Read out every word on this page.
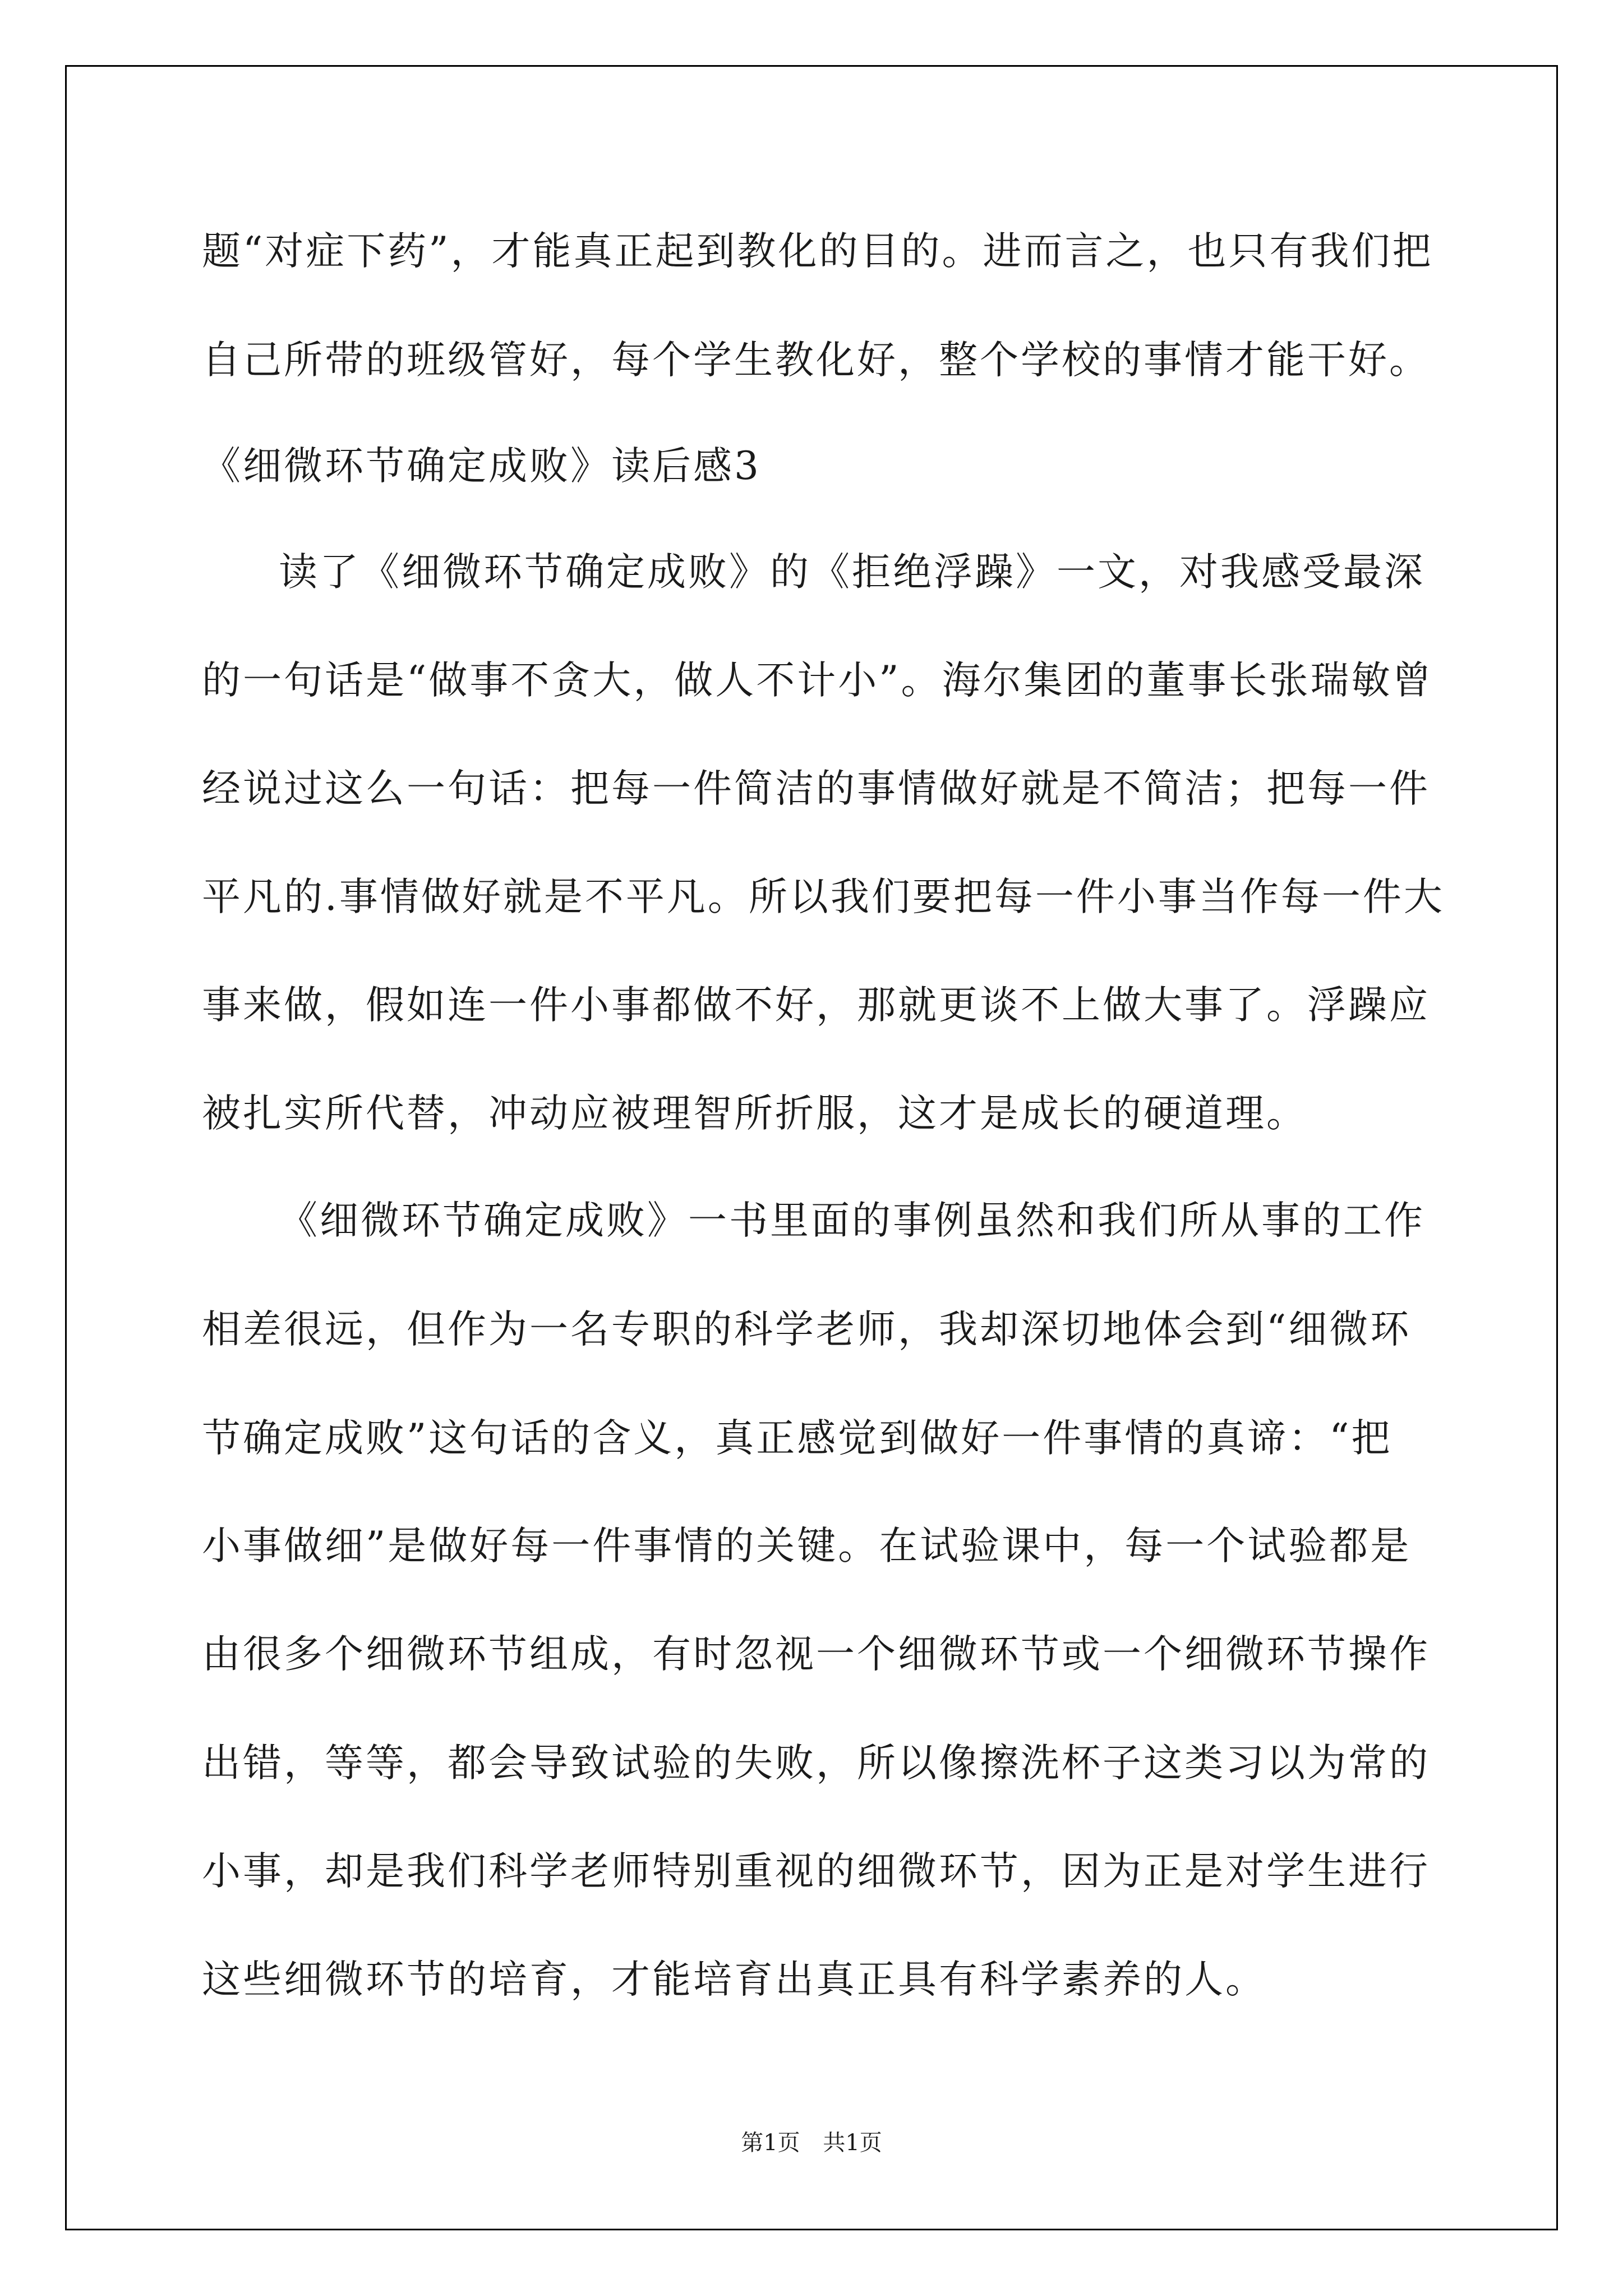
题“对症下药”，才能真正起到教化的目的。进而言之，也只有我们把
自己所带的班级管好，每个学生教化好，整个学校的事情才能干好。
《细微环节确定成败》读后感3
读了《细微环节确定成败》的《拒绝浮躁》一文，对我感受最深
的一句话是“做事不贪大，做人不计小”。海尔集团的董事长张瑞敏曾
经说过这么一句话：把每一件简洁的事情做好就是不简洁；把每一件
平凡的.事情做好就是不平凡。所以我们要把每一件小事当作每一件大
事来做，假如连一件小事都做不好，那就更谈不上做大事了。浮躁应
被扎实所代替，冲动应被理智所折服，这才是成长的硬道理。
《细微环节确定成败》一书里面的事例虽然和我们所从事的工作
相差很远，但作为一名专职的科学老师，我却深切地体会到“细微环
节确定成败”这句话的含义，真正感觉到做好一件事情的真谛：“把
小事做细”是做好每一件事情的关键。在试验课中，每一个试验都是
由很多个细微环节组成，有时忽视一个细微环节或一个细微环节操作
出错，等等，都会导致试验的失败，所以像擦洗杯子这类习以为常的
小事，却是我们科学老师特别重视的细微环节，因为正是对学生进行
这些细微环节的培育，才能培育出真正具有科学素养的人。
第1页 共1页
